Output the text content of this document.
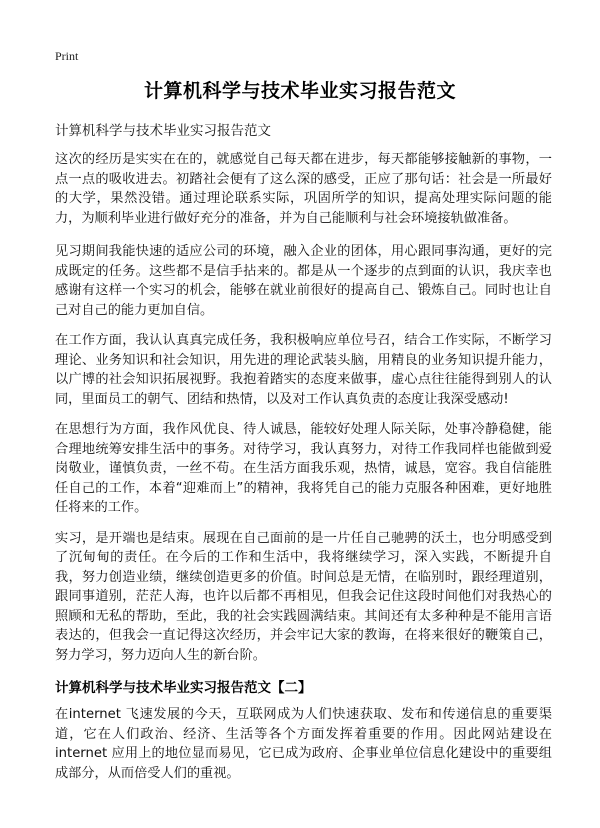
Print
计算机科学与技术毕业实习报告范文
计算机科学与技术毕业实习报告范文

这次的经历是实实在在的，就感觉自己每天都在进步，每天都能够接触新的事物，一点一点的吸收进去。初踏社会便有了这么深的感受，正应了那句话：社会是一所最好的大学，果然没错。通过理论联系实际，巩固所学的知识，提高处理实际问题的能力，为顺利毕业进行做好充分的准备，并为自己能顺利与社会环境接轨做准备。

见习期间我能快速的适应公司的环境，融入企业的团体，用心跟同事沟通，更好的完成既定的任务。这些都不是信手拈来的。都是从一个逐步的点到面的认识，我庆幸也感谢有这样一个实习的机会，能够在就业前很好的提高自己、锻炼自己。同时也让自己对自己的能力更加自信。

在工作方面，我认认真真完成任务，我积极响应单位号召，结合工作实际，不断学习理论、业务知识和社会知识，用先进的理论武装头脑，用精良的业务知识提升能力，以广博的社会知识拓展视野。我抱着踏实的态度来做事，虚心点往往能得到别人的认同，里面员工的朝气、团结和热情，以及对工作认真负责的态度让我深受感动!

在思想行为方面，我作风优良、待人诚恳，能较好处理人际关际，处事冷静稳健，能合理地统筹安排生活中的事务。对待学习，我认真努力，对待工作我同样也能做到爱岗敬业，谨慎负责，一丝不苟。在生活方面我乐观，热情，诚恳，宽容。我自信能胜任自己的工作，本着“迎难而上”的精神，我将凭自己的能力克服各种困难，更好地胜任将来的工作。

实习，是开端也是结束。展现在自己面前的是一片任自己驰骋的沃土，也分明感受到了沉甸甸的责任。在今后的工作和生活中，我将继续学习，深入实践，不断提升自我，努力创造业绩，继续创造更多的价值。时间总是无情，在临别时，跟经理道别，跟同事道别，茫茫人海，也许以后都不再相见，但我会记住这段时间他们对我热心的照顾和无私的帮助，至此，我的社会实践圆满结束。其间还有太多种种是不能用言语表达的，但我会一直记得这次经历，并会牢记大家的教诲，在将来很好的鞭策自己，努力学习，努力迈向人生的新台阶。

计算机科学与技术毕业实习报告范文【二】

在internet 飞速发展的今天，互联网成为人们快速获取、发布和传递信息的重要渠道，它在人们政治、经济、生活等各个方面发挥着重要的作用。因此网站建设在internet 应用上的地位显而易见，它已成为政府、企事业单位信息化建设中的重要组成部分，从而倍受人们的重视。
